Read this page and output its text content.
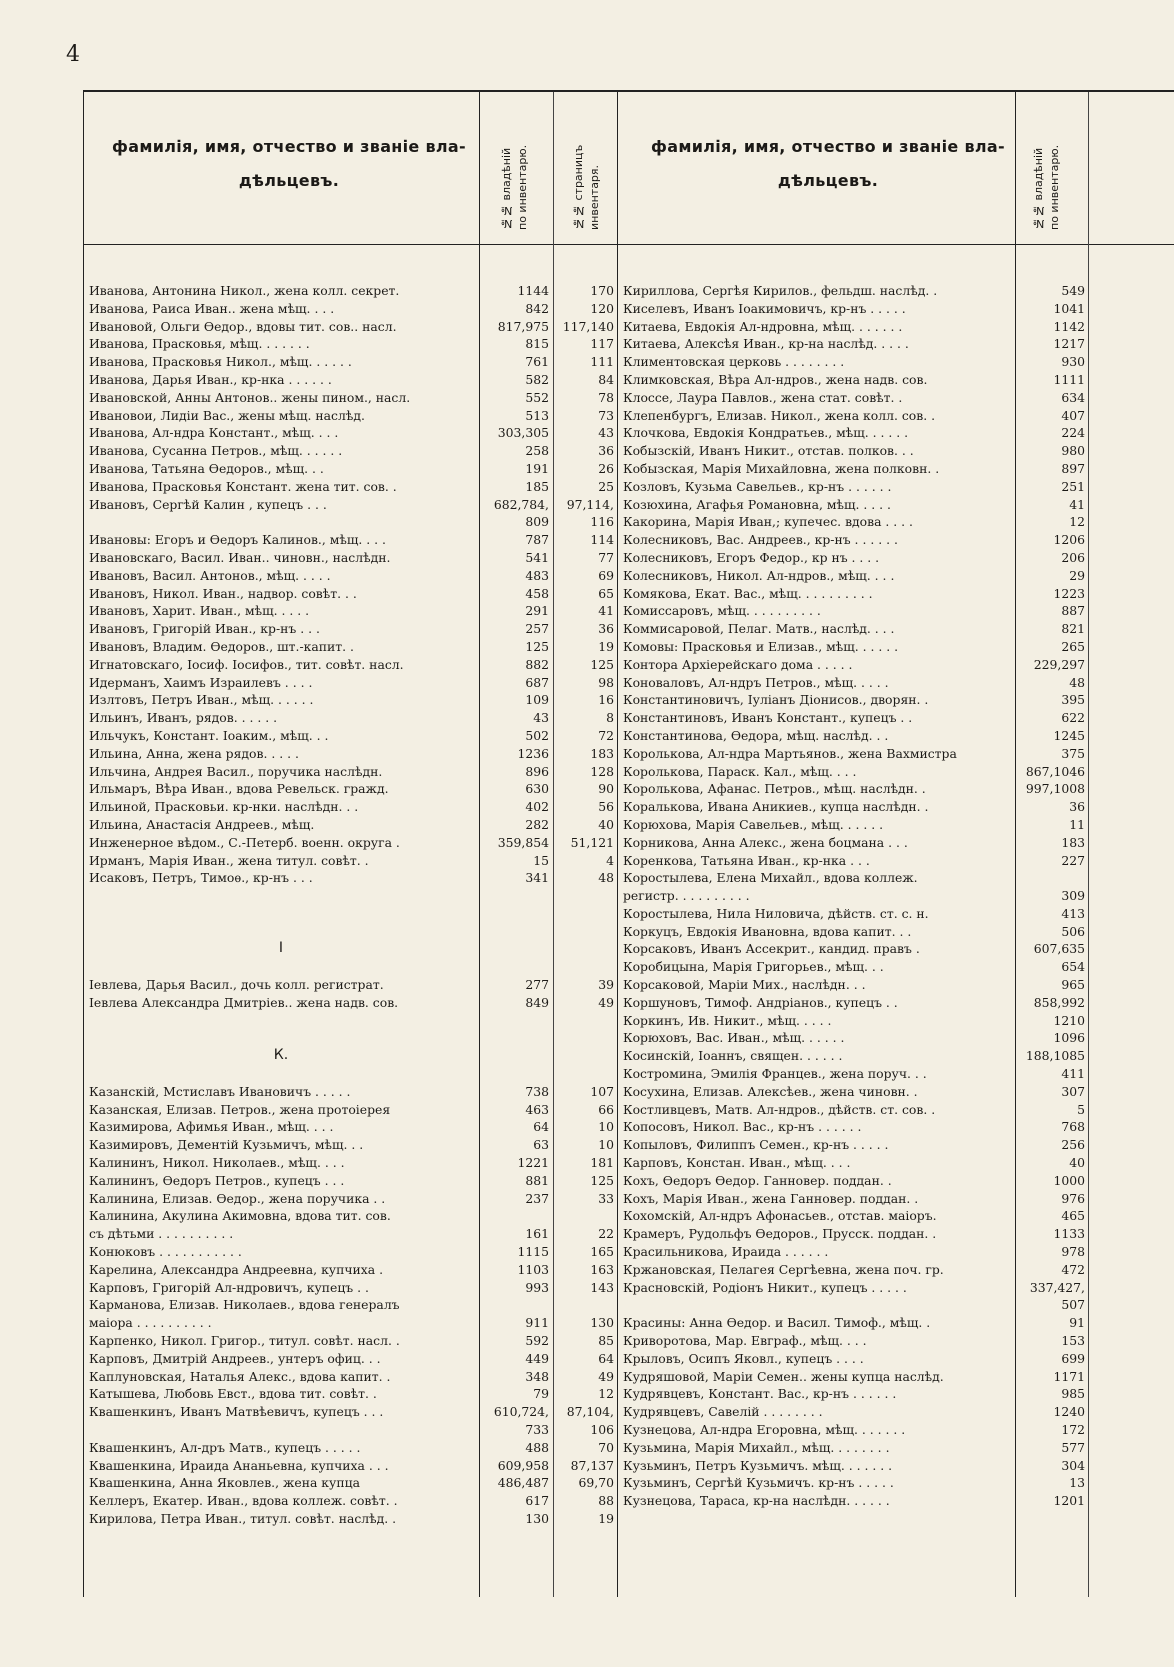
4
фамилія, имя, отчество и званіе вла-
дѣльцевъ.
№№ владѣній
по инвентарю.
№№ страницъ
инвентаря.
фамилія, имя, отчество и званіе вла-
дѣльцевъ.
№№ владѣній
по инвентарю.
Иванова, Антонина Никол., жена колл. секрет.	1144	170
Иванова, Раиса Иван.. жена мѣщ. . . .	842	120
Ивановой, Ольги Ѳедор., вдовы тит. сов.. насл.	817,975	117,140
Иванова, Прасковья, мѣщ. . . . . . .	815	117
Иванова, Прасковья Никол., мѣщ. . . . . .	761	111
Иванова, Дарья Иван., кр-нка . . . . . .	582	84
Ивановской, Анны Антонов.. жены пином., насл.	552	78
Ивановои, Лидіи Вас., жены мѣщ. наслѣд.	513	73
Иванова, Ал-ндра Констант., мѣщ. . . .	303,305	43
Иванова, Сусанна Петров., мѣщ. . . . . .	258	36
Иванова, Татьяна Ѳедоров., мѣщ. . .	191	26
Иванова, Прасковья Констант. жена тит. сов. .	185	25
Ивановъ, Сергѣй Калин , купецъ . . .	682,784,	97,114,
809	116
Ивановы: Егоръ и Ѳедоръ Калинов., мѣщ. . . .	787	114
Ивановскаго, Васил. Иван.. чиновн., наслѣдн.	541	77
Ивановъ, Васил. Антонов., мѣщ. . . . .	483	69
Ивановъ, Никол. Иван., надвор. совѣт. . .	458	65
Ивановъ, Харит. Иван., мѣщ. . . . .	291	41
Ивановъ, Григорій Иван., кр-нъ . . .	257	36
Ивановъ, Владим. Ѳедоров., шт.-капит. .	125	19
Игнатовскаго, Іосиф. Іосифов., тит. совѣт. насл.	882	125
Идерманъ, Хаимъ Израилевъ . . . .	687	98
Излтовъ, Петръ Иван., мѣщ. . . . . .	109	16
Ильинъ, Иванъ, рядов. . . . . .	43	8
Ильчукъ, Констант. Іоаким., мѣщ. . .	502	72
Ильина, Анна, жена рядов. . . . .	1236	183
Ильчина, Андрея Васил., поручика наслѣдн.	896	128
Ильмаръ, Вѣра Иван., вдова Ревельск. гражд.	630	90
Ильиной, Прасковьи. кр-нки. наслѣдн. . .	402	56
Ильина, Анастасія Андреев., мѣщ.	282	40
Инженерное вѣдом., С.-Петерб. военн. округа .	359,854	51,121
Ирманъ, Марія Иван., жена титул. совѣт. .	15	4
Исаковъ, Петръ, Тимоѳ., кр-нъ . . .	341	48
I
Іевлева, Дарья Васил., дочь колл. регистрат.	277	39
Іевлева Александра Дмитріев.. жена надв. сов.	849	49
К.
Казанскій, Мстиславъ Ивановичъ . . . . .	738	107
Казанская, Елизав. Петров., жена протоіерея	463	66
Казимирова, Афимья Иван., мѣщ. . . .	64	10
Казимировъ, Дементій Кузьмичъ, мѣщ. . .	63	10
Калининъ, Никол. Николаев., мѣщ. . . .	1221	181
Калининъ, Ѳедоръ Петров., купецъ . . .	881	125
Калинина, Елизав. Ѳедор., жена поручика . .	237	33
Калинина, Акулина Акимовна, вдова тит. сов.
съ дѣтьми . . . . . . . . . .	161	22
Конюковъ . . . . . . . . . . .	1115	165
Карелина, Александра Андреевна, купчиха .	1103	163
Карповъ, Григорій Ал-ндровичъ, купецъ . .	993	143
Карманова, Елизав. Николаев., вдова генералъ
маіора . . . . . . . . . .	911	130
Карпенко, Никол. Григор., титул. совѣт. насл. .	592	85
Карповъ, Дмитрій Андреев., унтеръ офиц. . .	449	64
Каплуновская, Наталья Алекс., вдова капит. .	348	49
Катышева, Любовь Евст., вдова тит. совѣт. .	79	12
Квашенкинъ, Иванъ Матвѣевичъ, купецъ . . .	610,724,	87,104,
733	106
Квашенкинъ, Ал-дръ Матв., купецъ . . . . .	488	70
Квашенкина, Ираида Ананьевна, купчиха . . .	609,958	87,137
Квашенкина, Анна Яковлев., жена купца	486,487	69,70
Келлеръ, Екатер. Иван., вдова коллеж. совѣт. .	617	88
Кирилова, Петра Иван., титул. совѣт. наслѣд. .	130	19
Кириллова, Сергѣя Кирилов., фельдш. наслѣд. .	549
Киселевъ, Иванъ Іоакимовичъ, кр-нъ . . . . .	1041
Китаева, Евдокія Ал-ндровна, мѣщ. . . . . . .	1142
Китаева, Алексѣя Иван., кр-на наслѣд. . . . .	1217
Климентовская церковь . . . . . . . .	930
Климковская, Вѣра Ал-ндров., жена надв. сов.	1111
Клоссе, Лаура Павлов., жена стат. совѣт. .	634
Клепенбургъ, Елизав. Никол., жена колл. сов. .	407
Клочкова, Евдокія Кондратьев., мѣщ. . . . . .	224
Кобызскій, Иванъ Никит., отстав. полков. . .	980
Кобызская, Марія Михайловна, жена полковн. .	897
Козловъ, Кузьма Савельев., кр-нъ . . . . . .	251
Козюхина, Агафья Романовна, мѣщ. . . . .	41
Какорина, Марія Иван,; купечес. вдова . . . .	12
Колесниковъ, Вас. Андреев., кр-нъ . . . . . .	1206
Колесниковъ, Егоръ Федор., кр нъ . . . .	206
Колесниковъ, Никол. Ал-ндров., мѣщ. . . .	29
Комякова, Екат. Вас., мѣщ. . . . . . . . . .	1223
Комиссаровъ, мѣщ. . . . . . . . . .	887
Коммисаровой, Пелаг. Матв., наслѣд. . . .	821
Комовы: Прасковья и Елизав., мѣщ. . . . . .	265
Контора Архіерейскаго дома . . . . .	229,297
Коноваловъ, Ал-ндръ Петров., мѣщ. . . . .	48
Константиновичъ, Іуліанъ Діонисов., дворян. .	395
Константиновъ, Иванъ Констант., купецъ . .	622
Константинова, Ѳедора, мѣщ. наслѣд. . .	1245
Королькова, Ал-ндра Мартьянов., жена Вахмистра	375
Королькова, Параск. Кал., мѣщ. . . .	867,1046
Королькова, Афанас. Петров., мѣщ. наслѣдн. .	997,1008
Коралькова, Ивана Аникиев., купца наслѣдн. .	36
Корюхова, Марія Савельев., мѣщ. . . . . .	11
Корникова, Анна Алекс., жена боцмана . . .	183
Коренкова, Татьяна Иван., кр-нка . . .	227
Коростылева, Елена Михайл., вдова коллеж.
регистр. . . . . . . . . .	309
Коростылева, Нила Ниловича, дѣйств. ст. с. н.	413
Коркуцъ, Евдокія Ивановна, вдова капит. . .	506
Корсаковъ, Иванъ Ассекрит., кандид. правъ .	607,635
Коробицына, Марія Григорьев., мѣщ. . .	654
Корсаковой, Маріи Мих., наслѣдн. . .	965
Коршуновъ, Тимоф. Андріанов., купецъ . .	858,992
Коркинъ, Ив. Никит., мѣщ. . . . .	1210
Корюховъ, Вас. Иван., мѣщ. . . . . .	1096
Косинскій, Іоаннъ, священ. . . . . .	188,1085
Костромина, Эмилія Францев., жена поруч. . .	411
Косухина, Елизав. Алексѣев., жена чиновн. .	307
Костливцевъ, Матв. Ал-ндров., дѣйств. ст. сов. .	5
Копосовъ, Никол. Вас., кр-нъ . . . . . .	768
Копыловъ, Филиппъ Семен., кр-нъ . . . . .	256
Карповъ, Констан. Иван., мѣщ. . . .	40
Кохъ, Ѳедоръ Ѳедор. Ганновер. поддан. .	1000
Кохъ, Марія Иван., жена Ганновер. поддан. .	976
Кохомскій, Ал-ндръ Афонасьев., отстав. маіоръ.	465
Крамеръ, Рудольфъ Ѳедоров., Прусск. поддан. .	1133
Красильникова, Ираида . . . . . .	978
Кржановская, Пелагея Сергѣевна, жена поч. гр.	472
Красновскій, Родіонъ Никит., купецъ . . . . .	337,427,
507
Красины: Анна Ѳедор. и Васил. Тимоф., мѣщ. .	91
Криворотова, Мар. Евграф., мѣщ. . . .	153
Крыловъ, Осипъ Яковл., купецъ . . . .	699
Кудряшовой, Маріи Семен.. жены купца наслѣд.	1171
Кудрявцевъ, Констант. Вас., кр-нъ . . . . . .	985
Кудрявцевъ, Савелій . . . . . . . .	1240
Кузнецова, Ал-ндра Егоровна, мѣщ. . . . . . .	172
Кузьмина, Марія Михайл., мѣщ. . . . . . . .	577
Кузьминъ, Петръ Кузьмичъ. мѣщ. . . . . . .	304
Кузьминъ, Сергѣй Кузьмичъ. кр-нъ . . . . .	13
Кузнецова, Тараса, кр-на наслѣдн. . . . . .	1201
